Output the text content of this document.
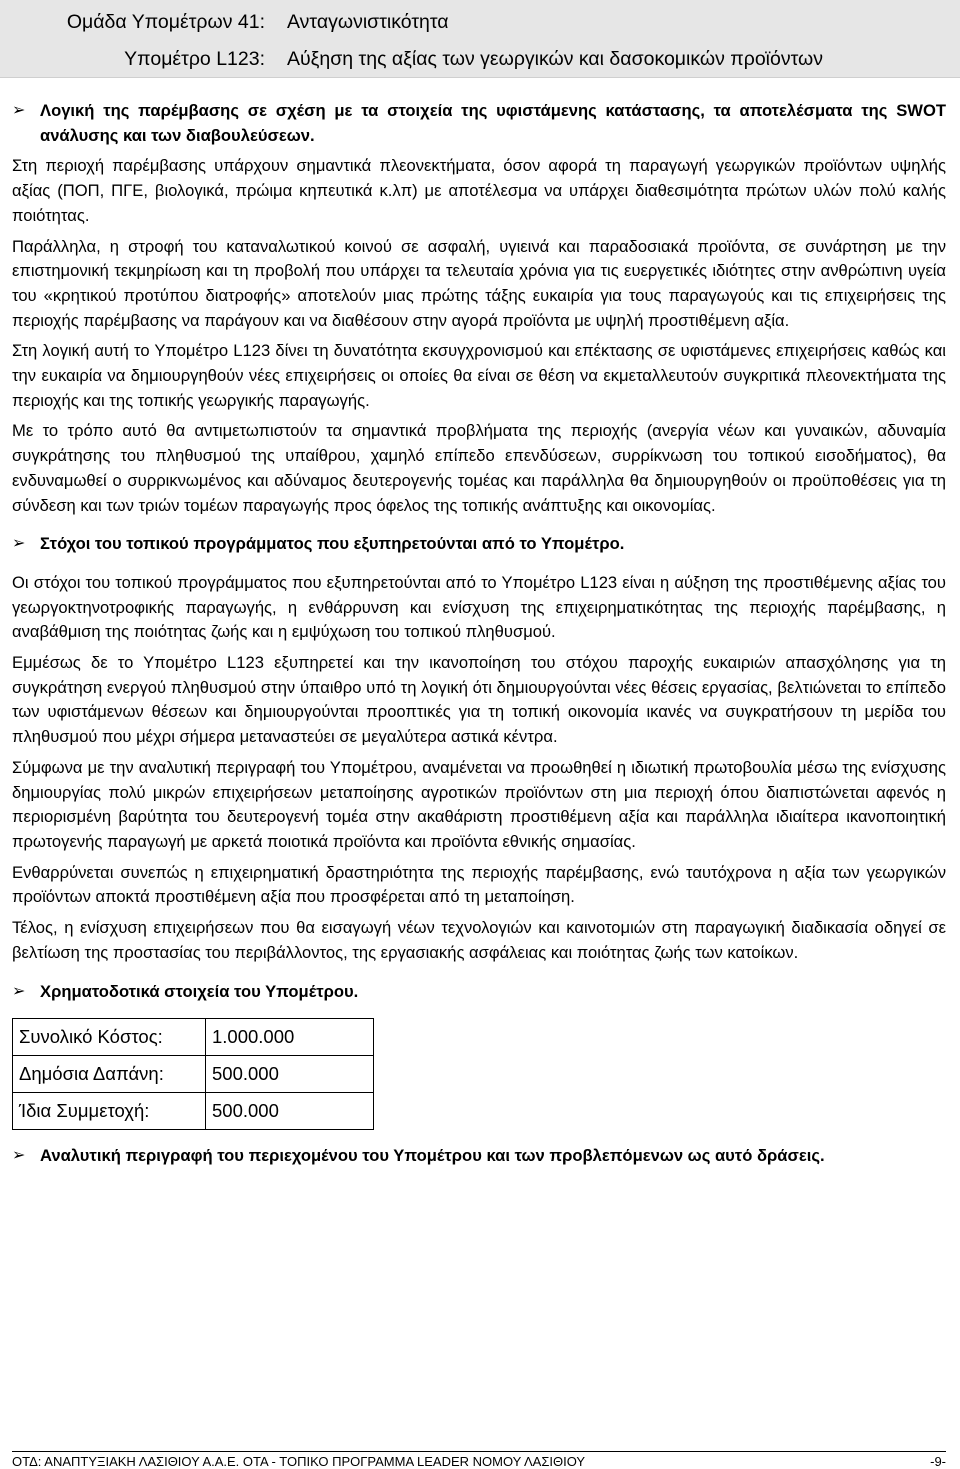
Ομάδα Υπομέτρων 41: Ανταγωνιστικότητα
Υπομέτρο L123: Αύξηση της αξίας των γεωργικών και δασοκομικών προϊόντων
➢ Λογική της παρέμβασης σε σχέση με τα στοιχεία της υφιστάμενης κατάστασης, τα αποτελέσματα της SWOT ανάλυσης και των διαβουλεύσεων.

Στη περιοχή παρέμβασης υπάρχουν σημαντικά πλεονεκτήματα, όσον αφορά τη παραγωγή γεωργικών προϊόντων υψηλής αξίας (ΠΟΠ, ΠΓΕ, βιολογικά, πρώιμα κηπευτικά κ.λπ) με αποτέλεσμα να υπάρχει διαθεσιμότητα πρώτων υλών πολύ καλής ποιότητας.

Παράλληλα, η στροφή του καταναλωτικού κοινού σε ασφαλή, υγιεινά και παραδοσιακά προϊόντα, σε συνάρτηση με την επιστημονική τεκμηρίωση και τη προβολή που υπάρχει τα τελευταία χρόνια για τις ευεργετικές ιδιότητες στην ανθρώπινη υγεία του «κρητικού προτύπου διατροφής» αποτελούν μιας πρώτης τάξης ευκαιρία για τους παραγωγούς και τις επιχειρήσεις της περιοχής παρέμβασης να παράγουν και να διαθέσουν στην αγορά προϊόντα με υψηλή προστιθέμενη αξία.

Στη λογική αυτή το Υπομέτρο L123 δίνει τη δυνατότητα εκσυγχρονισμού και επέκτασης σε υφιστάμενες επιχειρήσεις καθώς και την ευκαιρία να δημιουργηθούν νέες επιχειρήσεις οι οποίες θα είναι σε θέση να εκμεταλλευτούν συγκριτικά πλεονεκτήματα της περιοχής και της τοπικής γεωργικής παραγωγής.

Με το τρόπο αυτό θα αντιμετωπιστούν τα σημαντικά προβλήματα της περιοχής (ανεργία νέων και γυναικών, αδυναμία συγκράτησης του πληθυσμού της υπαίθρου, χαμηλό επίπεδο επενδύσεων, συρρίκνωση του τοπικού εισοδήματος), θα ενδυναμωθεί ο συρρικνωμένος και αδύναμος δευτερογενής τομέας και παράλληλα θα δημιουργηθούν οι προϋποθέσεις για τη σύνδεση και των τριών τομέων παραγωγής προς όφελος της τοπικής ανάπτυξης και οικονομίας.

➢ Στόχοι του τοπικού προγράμματος που εξυπηρετούνται από το Υπομέτρο.

Οι στόχοι του τοπικού προγράμματος που εξυπηρετούνται από το Υπομέτρο L123 είναι η αύξηση της προστιθέμενης αξίας του γεωργοκτηνοτροφικής παραγωγής, η ενθάρρυνση και ενίσχυση της επιχειρηματικότητας της περιοχής παρέμβασης, η αναβάθμιση της ποιότητας ζωής και η εμψύχωση του τοπικού πληθυσμού.

Εμμέσως δε το Υπομέτρο L123 εξυπηρετεί και την ικανοποίηση του στόχου παροχής ευκαιριών απασχόλησης για τη συγκράτηση ενεργού πληθυσμού στην ύπαιθρο υπό τη λογική ότι δημιουργούνται νέες θέσεις εργασίας, βελτιώνεται το επίπεδο των υφιστάμενων θέσεων και δημιουργούνται προοπτικές για τη τοπική οικονομία ικανές να συγκρατήσουν τη μερίδα του πληθυσμού που μέχρι σήμερα μεταναστεύει σε μεγαλύτερα αστικά κέντρα.

Σύμφωνα με την αναλυτική περιγραφή του Υπομέτρου, αναμένεται να προωθηθεί η ιδιωτική πρωτοβουλία μέσω της ενίσχυσης δημιουργίας πολύ μικρών επιχειρήσεων μεταποίησης αγροτικών προϊόντων στη μια περιοχή όπου διαπιστώνεται αφενός η περιορισμένη βαρύτητα του δευτερογενή τομέα στην ακαθάριστη προστιθέμενη αξία και παράλληλα ιδιαίτερα ικανοποιητική πρωτογενής παραγωγή με αρκετά ποιοτικά προϊόντα και προϊόντα εθνικής σημασίας.

Ενθαρρύνεται συνεπώς η επιχειρηματική δραστηριότητα της περιοχής παρέμβασης, ενώ ταυτόχρονα η αξία των γεωργικών προϊόντων αποκτά προστιθέμενη αξία που προσφέρεται από τη μεταποίηση.

Τέλος, η ενίσχυση επιχειρήσεων που θα εισαγωγή νέων τεχνολογιών και καινοτομιών στη παραγωγική διαδικασία οδηγεί σε βελτίωση της προστασίας του περιβάλλοντος, της εργασιακής ασφάλειας και ποιότητας ζωής των κατοίκων.

➢ Χρηματοδοτικά στοιχεία του Υπομέτρου.
Συνολικό Κόστος:	1.000.000
Δημόσια Δαπάνη:	500.000
Ίδια Συμμετοχή:	500.000
➢ Αναλυτική περιγραφή του περιεχομένου του Υπομέτρου και των προβλεπόμενων ως αυτό δράσεις.
ΟΤΔ: ΑΝΑΠΤΥΞΙΑΚΗ ΛΑΣΙΘΙΟΥ Α.Α.Ε. ΟΤΑ - ΤΟΠΙΚΟ ΠΡΟΓΡΑΜΜΑ LEADER ΝΟΜΟΥ ΛΑΣΙΘΙΟΥ	-9-
